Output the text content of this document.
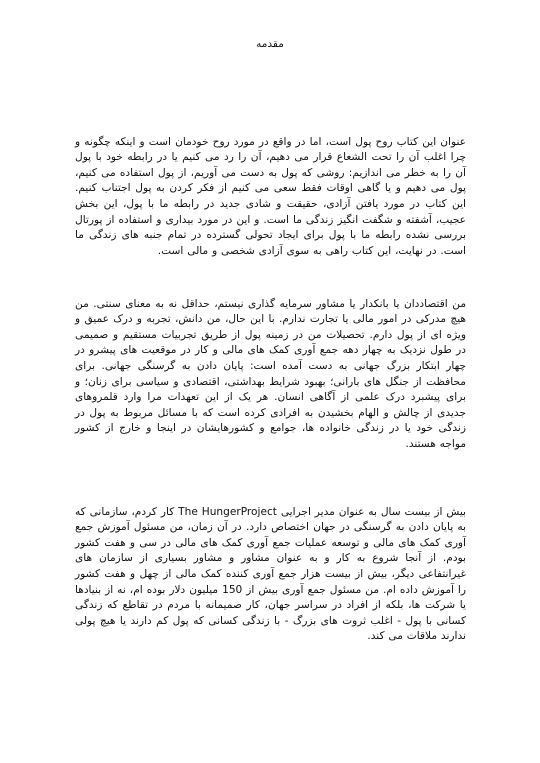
مقدمه

عنوان این کتاب روح پول است، اما در واقع در مورد روح خودمان است و اینکه چگونه و چرا اغلب آن را تحت الشعاع قرار می دهیم، آن را رد می کنیم یا در رابطه خود با پول آن را به خطر می اندازیم: روشی که پول به دست می آوریم، از پول استفاده می کنیم، پول می دهیم و یا گاهی اوقات فقط سعی می کنیم از فکر کردن به پول اجتناب کنیم. این کتاب در مورد یافتن آزادی، حقیقت و شادی جدید در رابطه ما با پول، این بخش عجیب، آشفته و شگفت انگیز زندگی ما است. و این در مورد بیداری و استفاده از پورتال بررسی نشده رابطه ما با پول برای ایجاد تحولی گسترده در تمام جنبه های زندگی ما است. در نهایت، این کتاب راهی به سوی آزادی شخصی و مالی است.

من اقتصاددان یا بانکدار یا مشاور سرمایه گذاری نیستم، حداقل نه به معنای سنتی. من هیچ مدرکی در امور مالی یا تجارت ندارم. با این حال، من دانش، تجربه و درک عمیق و ویژه ای از پول دارم. تحصیلات من در زمینه پول از طریق تجربیات مستقیم و صمیمی در طول نزدیک به چهار دهه جمع آوری کمک های مالی و کار در موقعیت های پیشرو در چهار ابتکار بزرگ جهانی به دست آمده است: پایان دادن به گرسنگی جهانی. برای محافظت از جنگل های بارانی؛ بهبود شرایط بهداشتی، اقتصادی و سیاسی برای زنان؛ و برای پیشبرد درک علمی از آگاهی انسان. هر یک از این تعهدات مرا وارد قلمروهای جدیدی از چالش و الهام بخشیدن به افرادی کرده است که با مسائل مربوط به پول در زندگی خود یا در زندگی خانواده ها، جوامع و کشورهایشان در اینجا و خارج از کشور مواجه هستند.

بیش از بیست سال به عنوان مدیر اجرایی The HungerProject کار کردم، سازمانی که به پایان دادن به گرسنگی در جهان اختصاص دارد. در آن زمان، من مسئول آموزش جمع آوری کمک های مالی و توسعه عملیات جمع آوری کمک های مالی در سی و هفت کشور بودم. از آنجا شروع به کار و به عنوان مشاور و مشاور بسیاری از سازمان های غیرانتفاعی دیگر، بیش از بیست هزار جمع آوری کننده کمک مالی از چهل و هفت کشور را آموزش داده ام. من مسئول جمع آوری بیش از 150 میلیون دلار بوده ام، نه از بنیادها یا شرکت ها، بلکه از افراد در سراسر جهان، کار صمیمانه با مردم در تقاطع که زندگی کسانی با پول - اغلب ثروت های بزرگ - با زندگی کسانی که پول کم دارند یا هیچ پولی ندارند ملاقات می کند.
